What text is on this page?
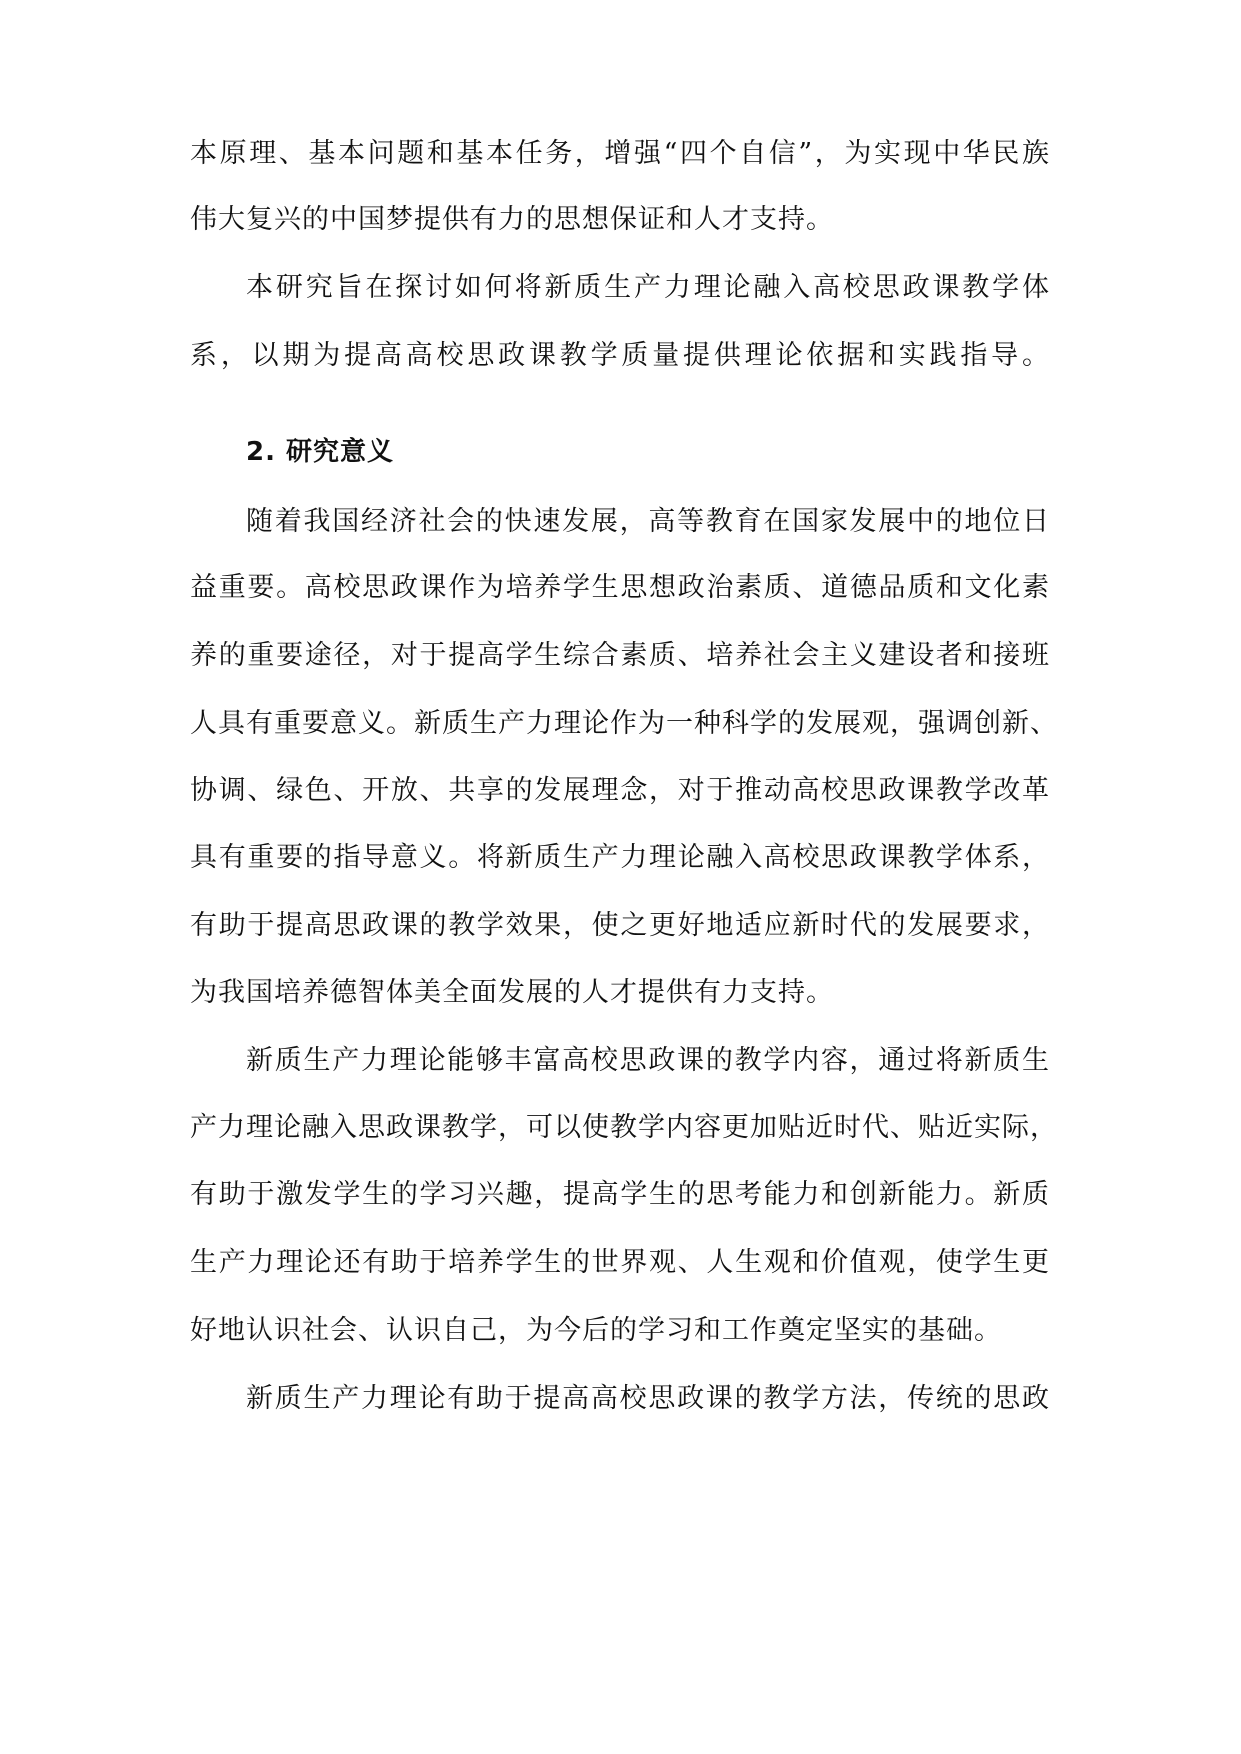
本原理、基本问题和基本任务，增强“四个自信”，为实现中华民族
伟大复兴的中国梦提供有力的思想保证和人才支持。
本研究旨在探讨如何将新质生产力理论融入高校思政课教学体
系，以期为提高高校思政课教学质量提供理论依据和实践指导。
2. 研究意义
随着我国经济社会的快速发展，高等教育在国家发展中的地位日
益重要。高校思政课作为培养学生思想政治素质、道德品质和文化素
养的重要途径，对于提高学生综合素质、培养社会主义建设者和接班
人具有重要意义。新质生产力理论作为一种科学的发展观，强调创新、
协调、绿色、开放、共享的发展理念，对于推动高校思政课教学改革
具有重要的指导意义。将新质生产力理论融入高校思政课教学体系，
有助于提高思政课的教学效果，使之更好地适应新时代的发展要求，
为我国培养德智体美全面发展的人才提供有力支持。
新质生产力理论能够丰富高校思政课的教学内容，通过将新质生
产力理论融入思政课教学，可以使教学内容更加贴近时代、贴近实际，
有助于激发学生的学习兴趣，提高学生的思考能力和创新能力。新质
生产力理论还有助于培养学生的世界观、人生观和价值观，使学生更
好地认识社会、认识自己，为今后的学习和工作奠定坚实的基础。
新质生产力理论有助于提高高校思政课的教学方法，传统的思政
